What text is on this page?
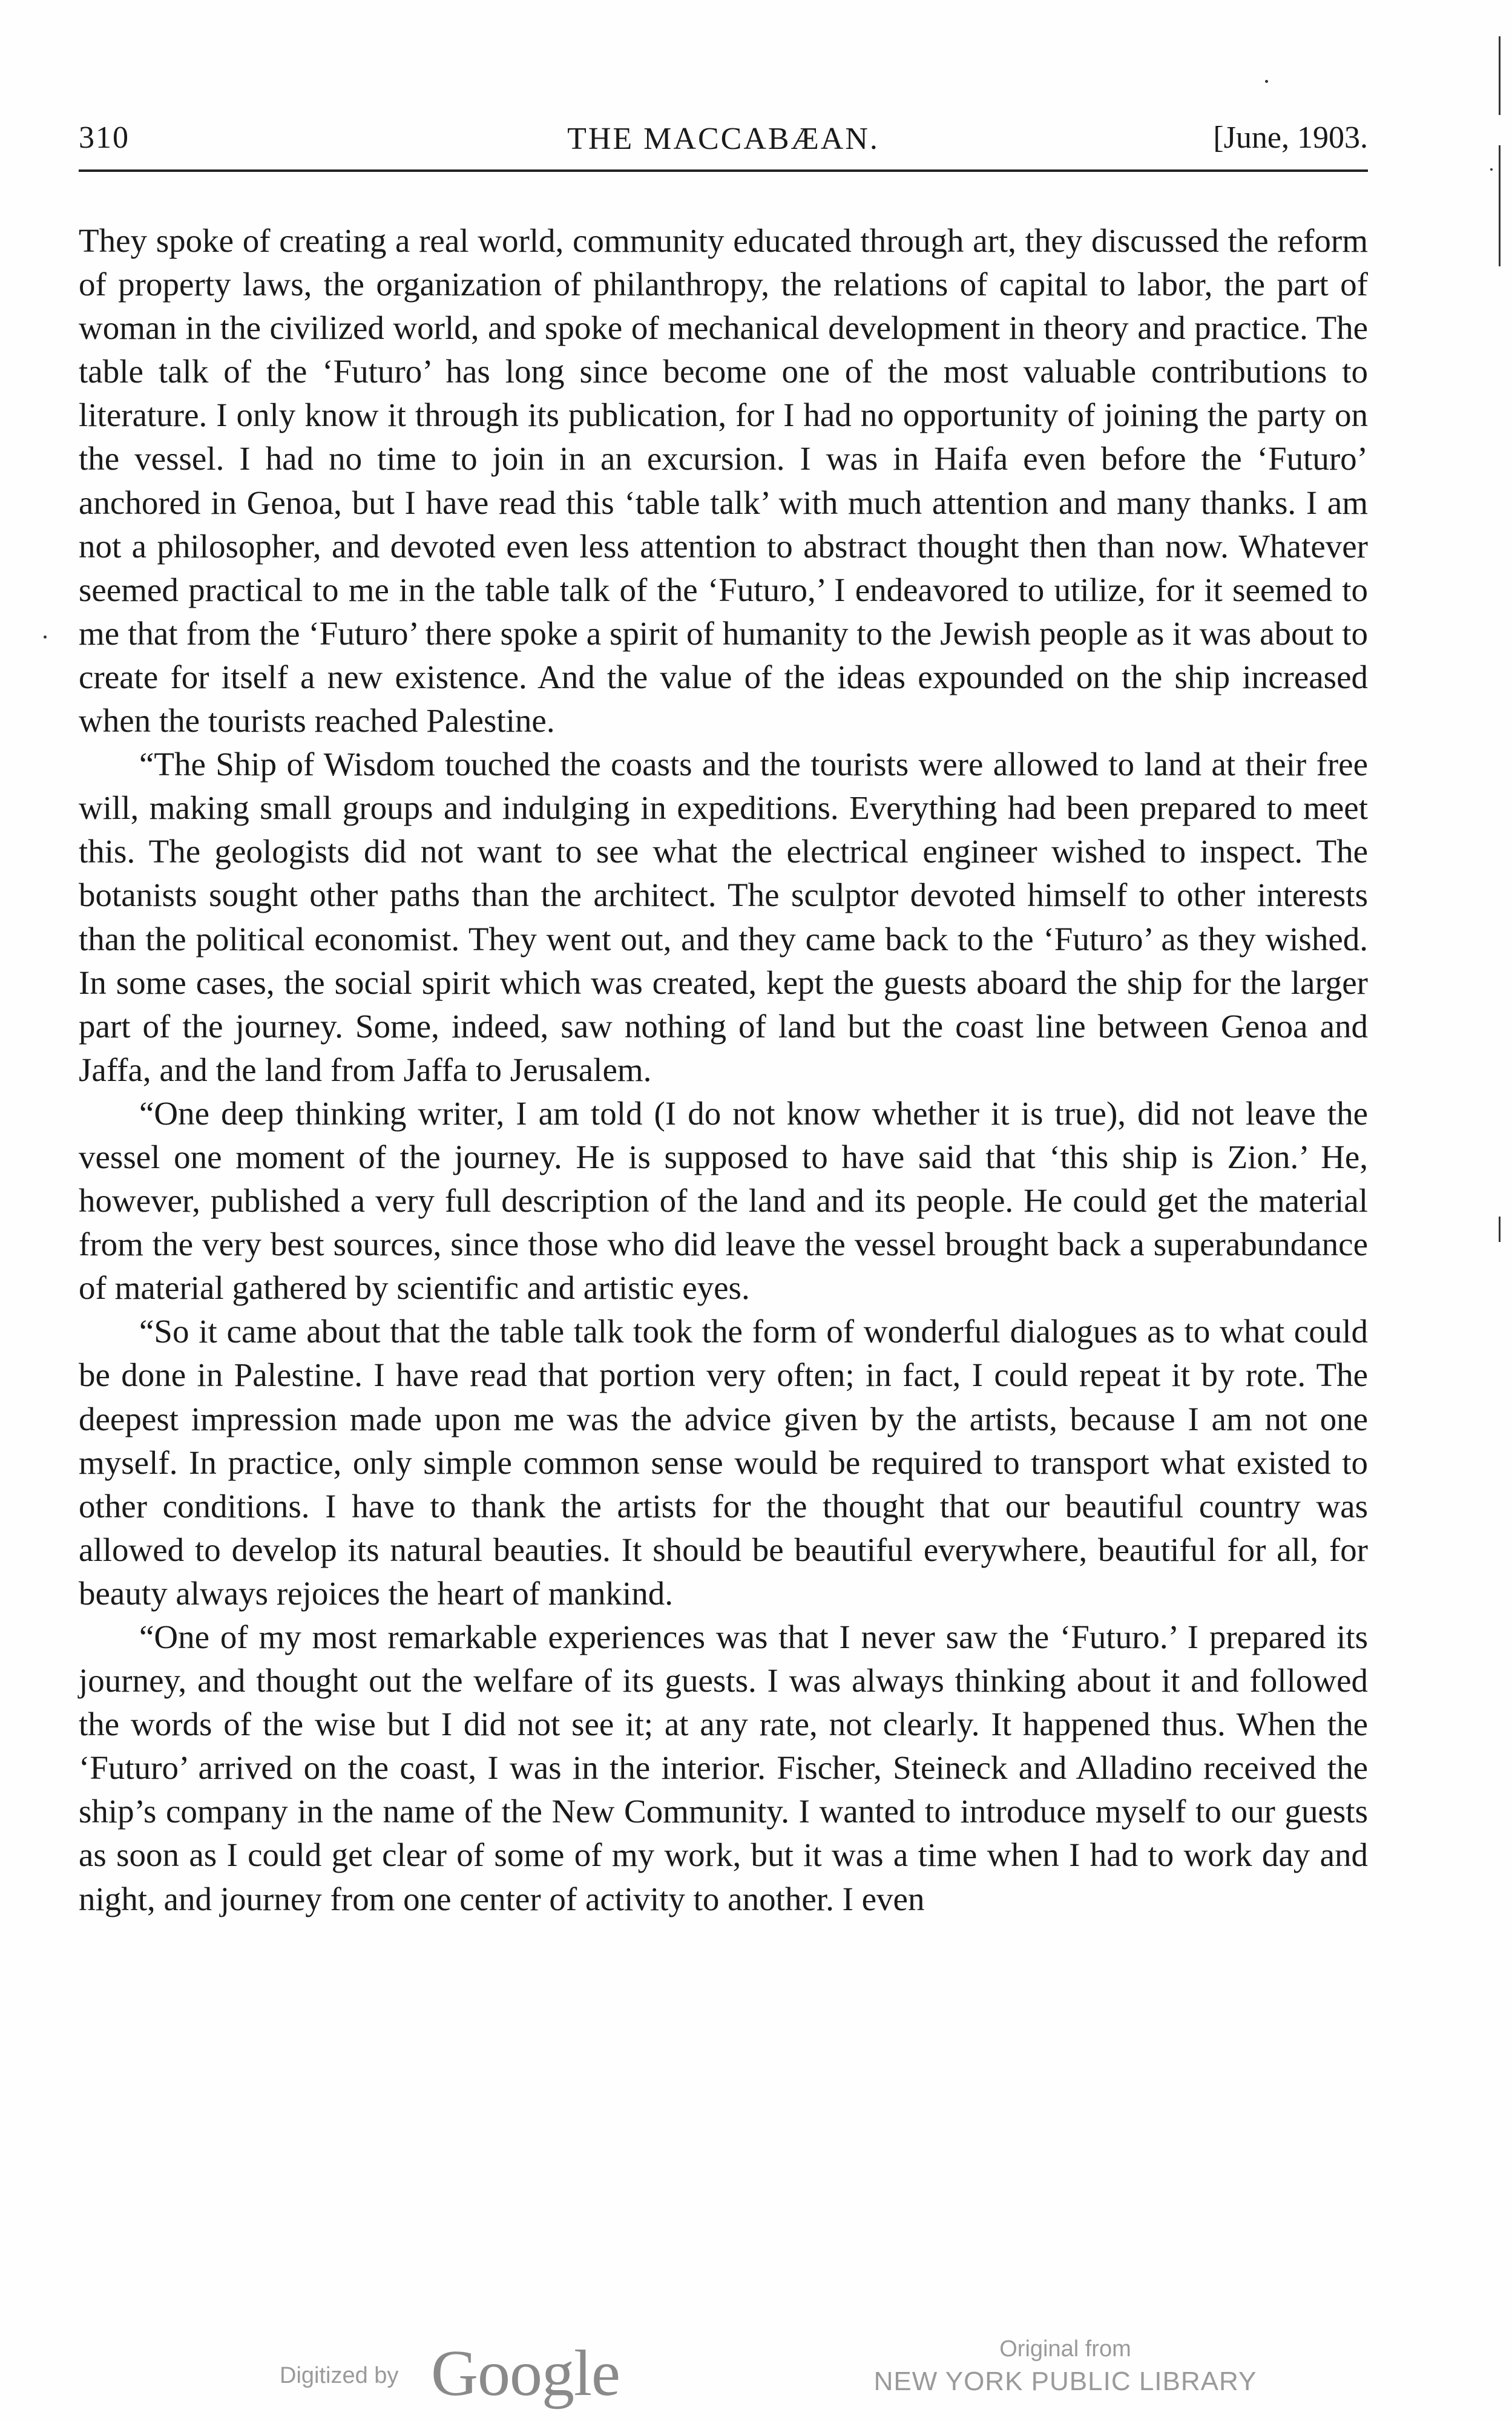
310	THE MACCABÆAN.	[June, 1903.

They spoke of creating a real world, community educated through art, they discussed the reform of property laws, the organization of philanthropy, the relations of capital to labor, the part of woman in the civilized world, and spoke of mechanical development in theory and practice. The table talk of the ‘Futuro’ has long since become one of the most valuable contributions to literature. I only know it through its publication, for I had no opportunity of joining the party on the vessel. I had no time to join in an excursion. I was in Haifa even before the ‘Futuro’ anchored in Genoa, but I have read this ‘table talk’ with much attention and many thanks. I am not a philosopher, and devoted even less attention to abstract thought then than now. Whatever seemed practical to me in the table talk of the ‘Futuro,’ I endeavored to utilize, for it seemed to me that from the ‘Futuro’ there spoke a spirit of humanity to the Jewish people as it was about to create for itself a new existence. And the value of the ideas expounded on the ship increased when the tourists reached Palestine.

“The Ship of Wisdom touched the coasts and the tourists were allowed to land at their free will, making small groups and indulging in expeditions. Everything had been prepared to meet this. The geologists did not want to see what the electrical engineer wished to inspect. The botanists sought other paths than the architect. The sculptor devoted himself to other interests than the political economist. They went out, and they came back to the ‘Futuro’ as they wished. In some cases, the social spirit which was created, kept the guests aboard the ship for the larger part of the journey. Some, indeed, saw nothing of land but the coast line between Genoa and Jaffa, and the land from Jaffa to Jerusalem.

“One deep thinking writer, I am told (I do not know whether it is true), did not leave the vessel one moment of the journey. He is supposed to have said that ‘this ship is Zion.’ He, however, published a very full description of the land and its people. He could get the material from the very best sources, since those who did leave the vessel brought back a superabundance of material gathered by scientific and artistic eyes.

“So it came about that the table talk took the form of wonderful dialogues as to what could be done in Palestine. I have read that portion very often; in fact, I could repeat it by rote. The deepest impression made upon me was the advice given by the artists, because I am not one myself. In practice, only simple common sense would be required to transport what existed to other conditions. I have to thank the artists for the thought that our beautiful country was allowed to develop its natural beauties. It should be beautiful everywhere, beautiful for all, for beauty always rejoices the heart of mankind.

“One of my most remarkable experiences was that I never saw the ‘Futuro.’ I prepared its journey, and thought out the welfare of its guests. I was always thinking about it and followed the words of the wise but I did not see it; at any rate, not clearly. It happened thus. When the ‘Futuro’ arrived on the coast, I was in the interior. Fischer, Steineck and Alladino received the ship’s company in the name of the New Community. I wanted to introduce myself to our guests as soon as I could get clear of some of my work, but it was a time when I had to work day and night, and journey from one center of activity to another. I even

Digitized by Google	Original from
NEW YORK PUBLIC LIBRARY
